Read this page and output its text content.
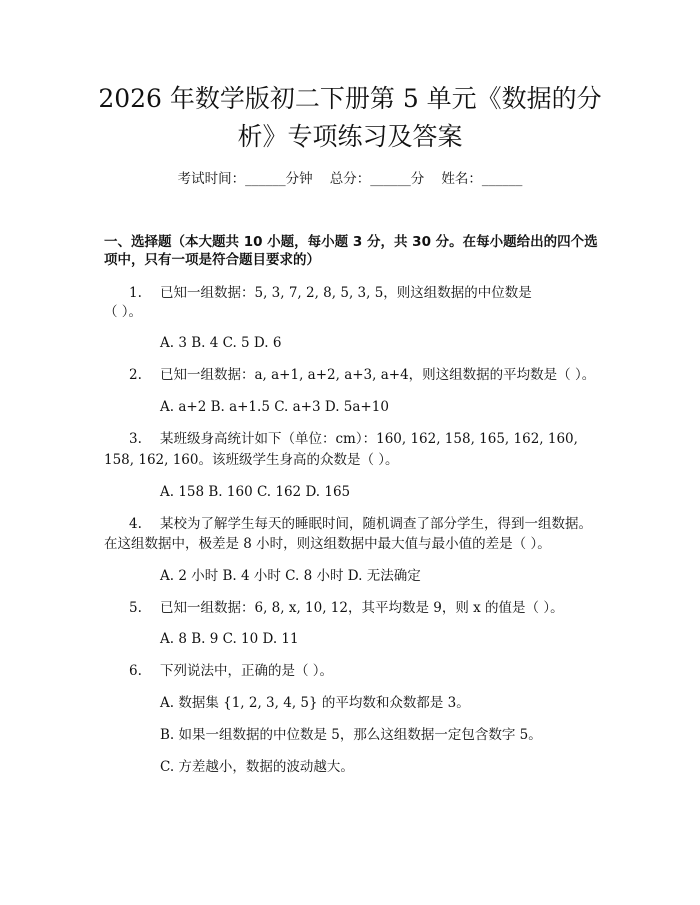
2026 年数学版初二下册第 5 单元《数据的分
析》专项练习及答案
考试时间：______分钟    总分：______分    姓名：______
一、选择题（本大题共 10 小题，每小题 3 分，共 30 分。在每小题给出的四个选
项中，只有一项是符合题目要求的）
1. 已知一组数据：5, 3, 7, 2, 8, 5, 3, 5，则这组数据的中位数是
（ ）。
A. 3 B. 4 C. 5 D. 6
2. 已知一组数据：a, a+1, a+2, a+3, a+4，则这组数据的平均数是（ ）。
A. a+2 B. a+1.5 C. a+3 D. 5a+10
3. 某班级身高统计如下（单位：cm）：160, 162, 158, 165, 162, 160,
158, 162, 160。该班级学生身高的众数是（ ）。
A. 158 B. 160 C. 162 D. 165
4. 某校为了解学生每天的睡眠时间，随机调查了部分学生，得到一组数据。
在这组数据中，极差是 8 小时，则这组数据中最大值与最小值的差是（ ）。
A. 2 小时 B. 4 小时 C. 8 小时 D. 无法确定
5. 已知一组数据：6, 8, x, 10, 12，其平均数是 9，则 x 的值是（ ）。
A. 8 B. 9 C. 10 D. 11
6. 下列说法中，正确的是（ ）。
A. 数据集 {1, 2, 3, 4, 5} 的平均数和众数都是 3。
B. 如果一组数据的中位数是 5，那么这组数据一定包含数字 5。
C. 方差越小，数据的波动越大。
